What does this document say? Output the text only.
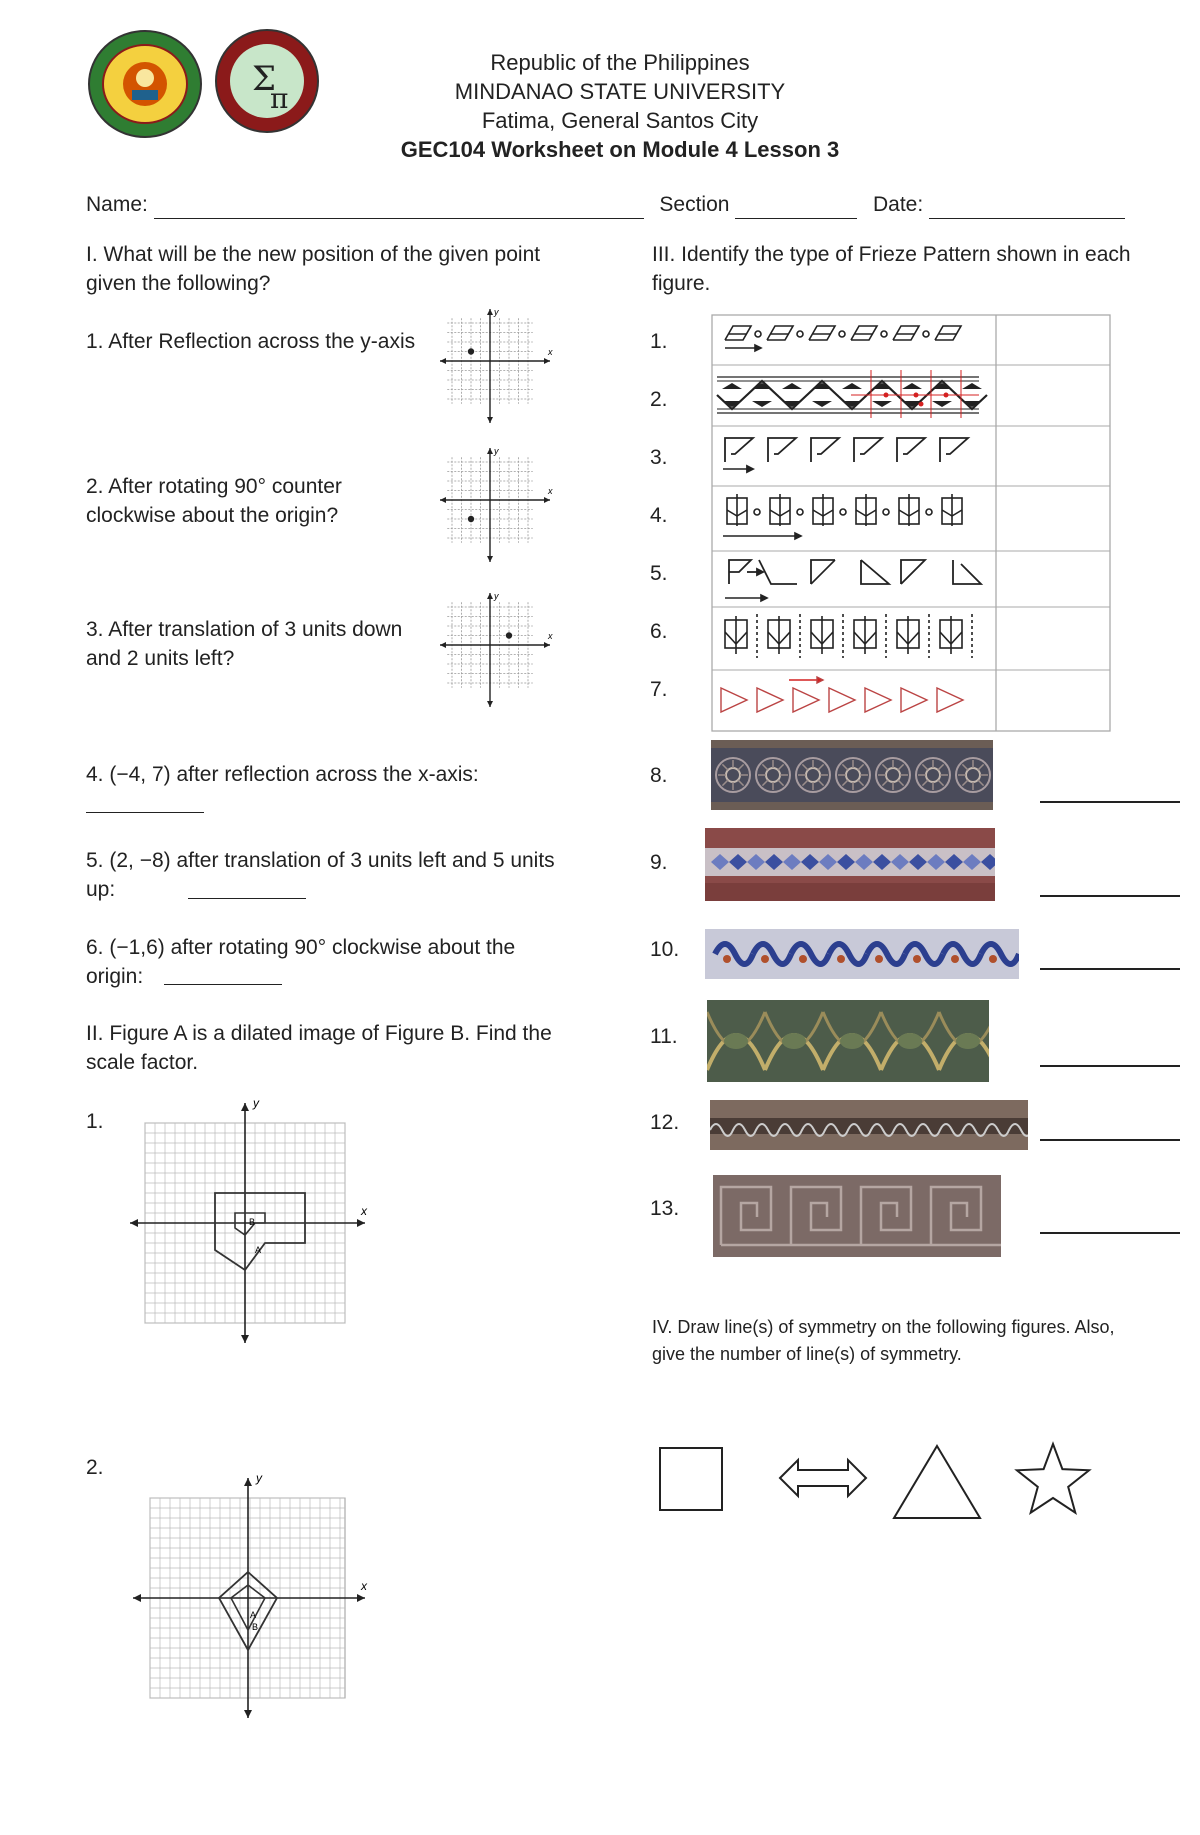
Σ
π
Republic of the Philippines
MINDANAO STATE UNIVERSITY
Fatima, General Santos City
GEC104 Worksheet on Module 4 Lesson 3
Name:	Section	Date:
I. What will be the new position of the given point given the following?
1. After Reflection across the y-axis	x
y
2. After rotating 90° counter clockwise about the origin?
x
y
3. After translation of 3 units down and 2 units left?
x
y
4. (−4, 7) after reflection across the x-axis:
5. (2, −8) after translation of 3 units left and 5 units up:
6. (−1,6) after rotating 90° clockwise about the origin:
II. Figure A is a dilated image of Figure B. Find the scale factor.
1.
x
y
B
A
2.
x
y
A
B
III. Identify the type of Frieze Pattern shown in each figure.
1.
2.
3.
4.
5.
6.
7.
8.
9.
10.
11.
12.
13.
IV. Draw line(s) of symmetry on the following figures. Also, give the number of line(s) of symmetry.
